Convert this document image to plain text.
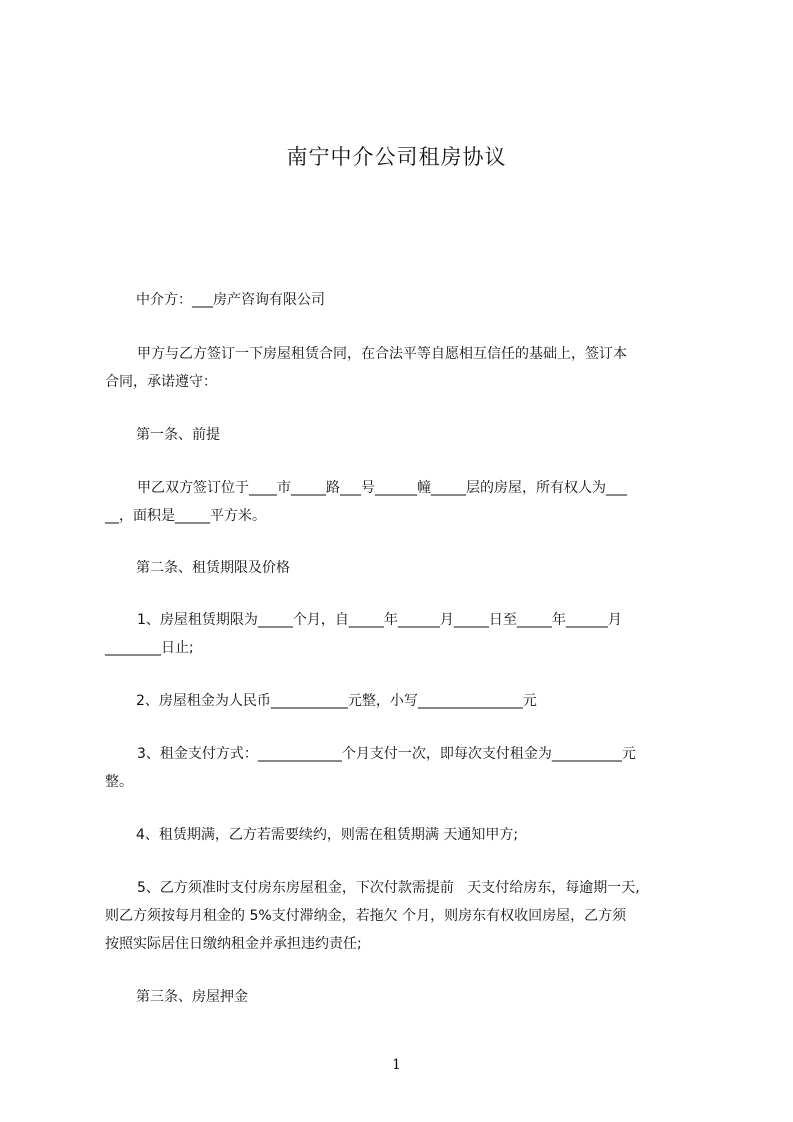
南宁中介公司租房协议

中介方：___房产咨询有限公司

甲方与乙方签订一下房屋租赁合同，在合法平等自愿相互信任的基础上，签订本

合同，承诺遵守：

第一条、前提

甲乙双方签订位于____市_____路___号______幢_____层的房屋，所有权人为___

__，面积是_____平方米。

第二条、租赁期限及价格

1、房屋租赁期限为_____个月，自_____年______月_____日至_____年______月

________日止;

2、房屋租金为人民币___________元整，小写_______________元

3、租金支付方式：____________个月支付一次，即每次支付租金为__________元

整。

4、租赁期满，乙方若需要续约，则需在租赁期满 天通知甲方;

5、乙方须准时支付房东房屋租金，下次付款需提前   天支付给房东，每逾期一天,

则乙方须按每月租金的 5%支付滞纳金，若拖欠 个月，则房东有权收回房屋，乙方须

按照实际居住日缴纳租金并承担违约责任;

第三条、房屋押金

1
